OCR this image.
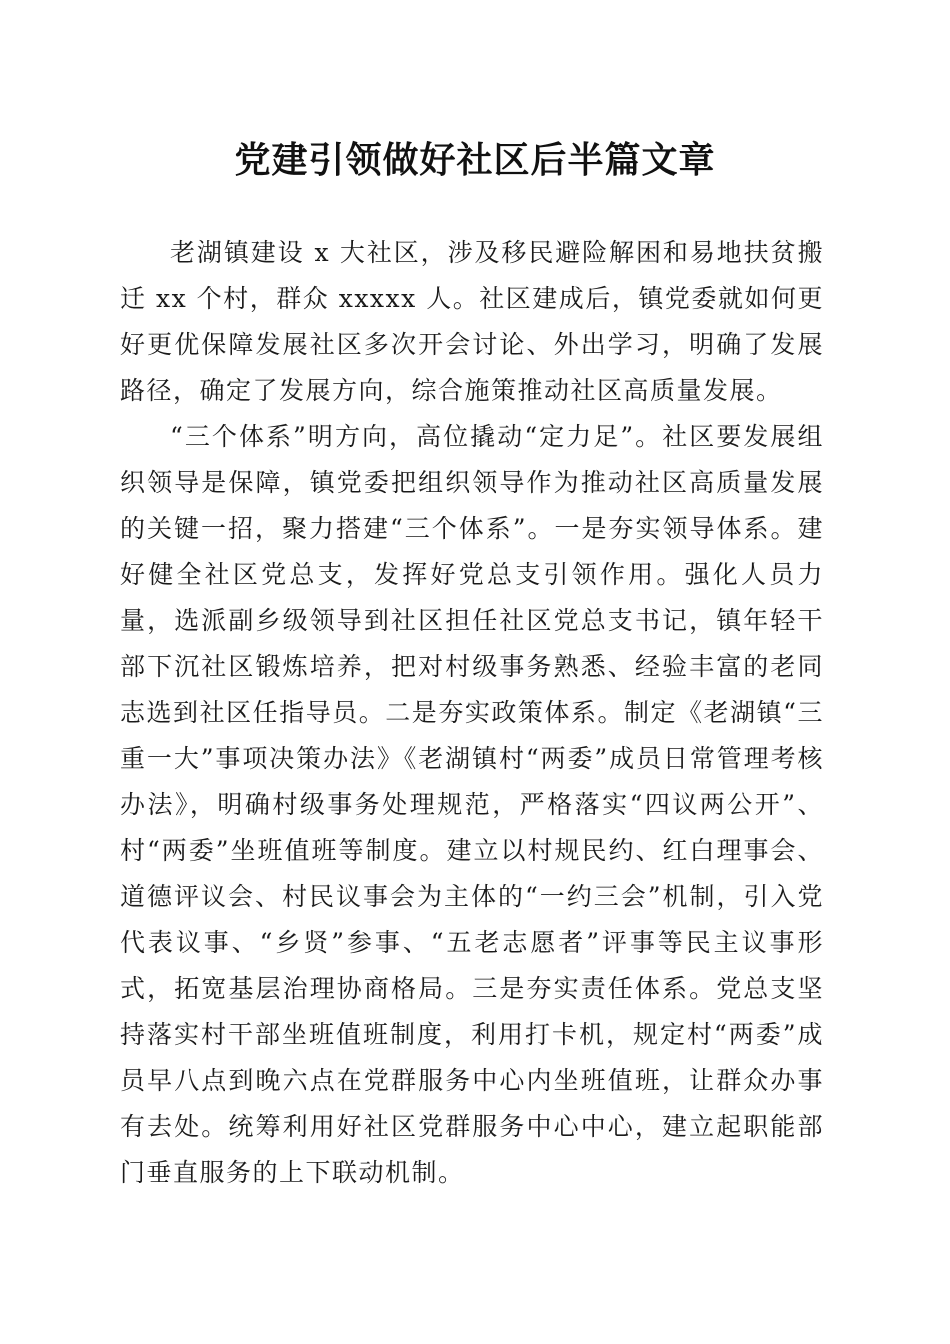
党建引领做好社区后半篇文章

老湖镇建设 x 大社区，涉及移民避险解困和易地扶贫搬迁 xx 个村，群众 xxxxx 人。社区建成后，镇党委就如何更好更优保障发展社区多次开会讨论、外出学习，明确了发展路径，确定了发展方向，综合施策推动社区高质量发展。

“三个体系”明方向，高位撬动“定力足”。社区要发展组织领导是保障，镇党委把组织领导作为推动社区高质量发展的关键一招，聚力搭建“三个体系”。一是夯实领导体系。建好健全社区党总支，发挥好党总支引领作用。强化人员力量，选派副乡级领导到社区担任社区党总支书记，镇年轻干部下沉社区锻炼培养，把对村级事务熟悉、经验丰富的老同志选到社区任指导员。二是夯实政策体系。制定《老湖镇“三重一大”事项决策办法》《老湖镇村“两委”成员日常管理考核办法》，明确村级事务处理规范，严格落实“四议两公开”、村“两委”坐班值班等制度。建立以村规民约、红白理事会、道德评议会、村民议事会为主体的“一约三会”机制，引入党代表议事、“乡贤”参事、“五老志愿者”评事等民主议事形式，拓宽基层治理协商格局。三是夯实责任体系。党总支坚持落实村干部坐班值班制度，利用打卡机，规定村“两委”成员早八点到晚六点在党群服务中心内坐班值班，让群众办事有去处。统筹利用好社区党群服务中心中心，建立起职能部门垂直服务的上下联动机制。
